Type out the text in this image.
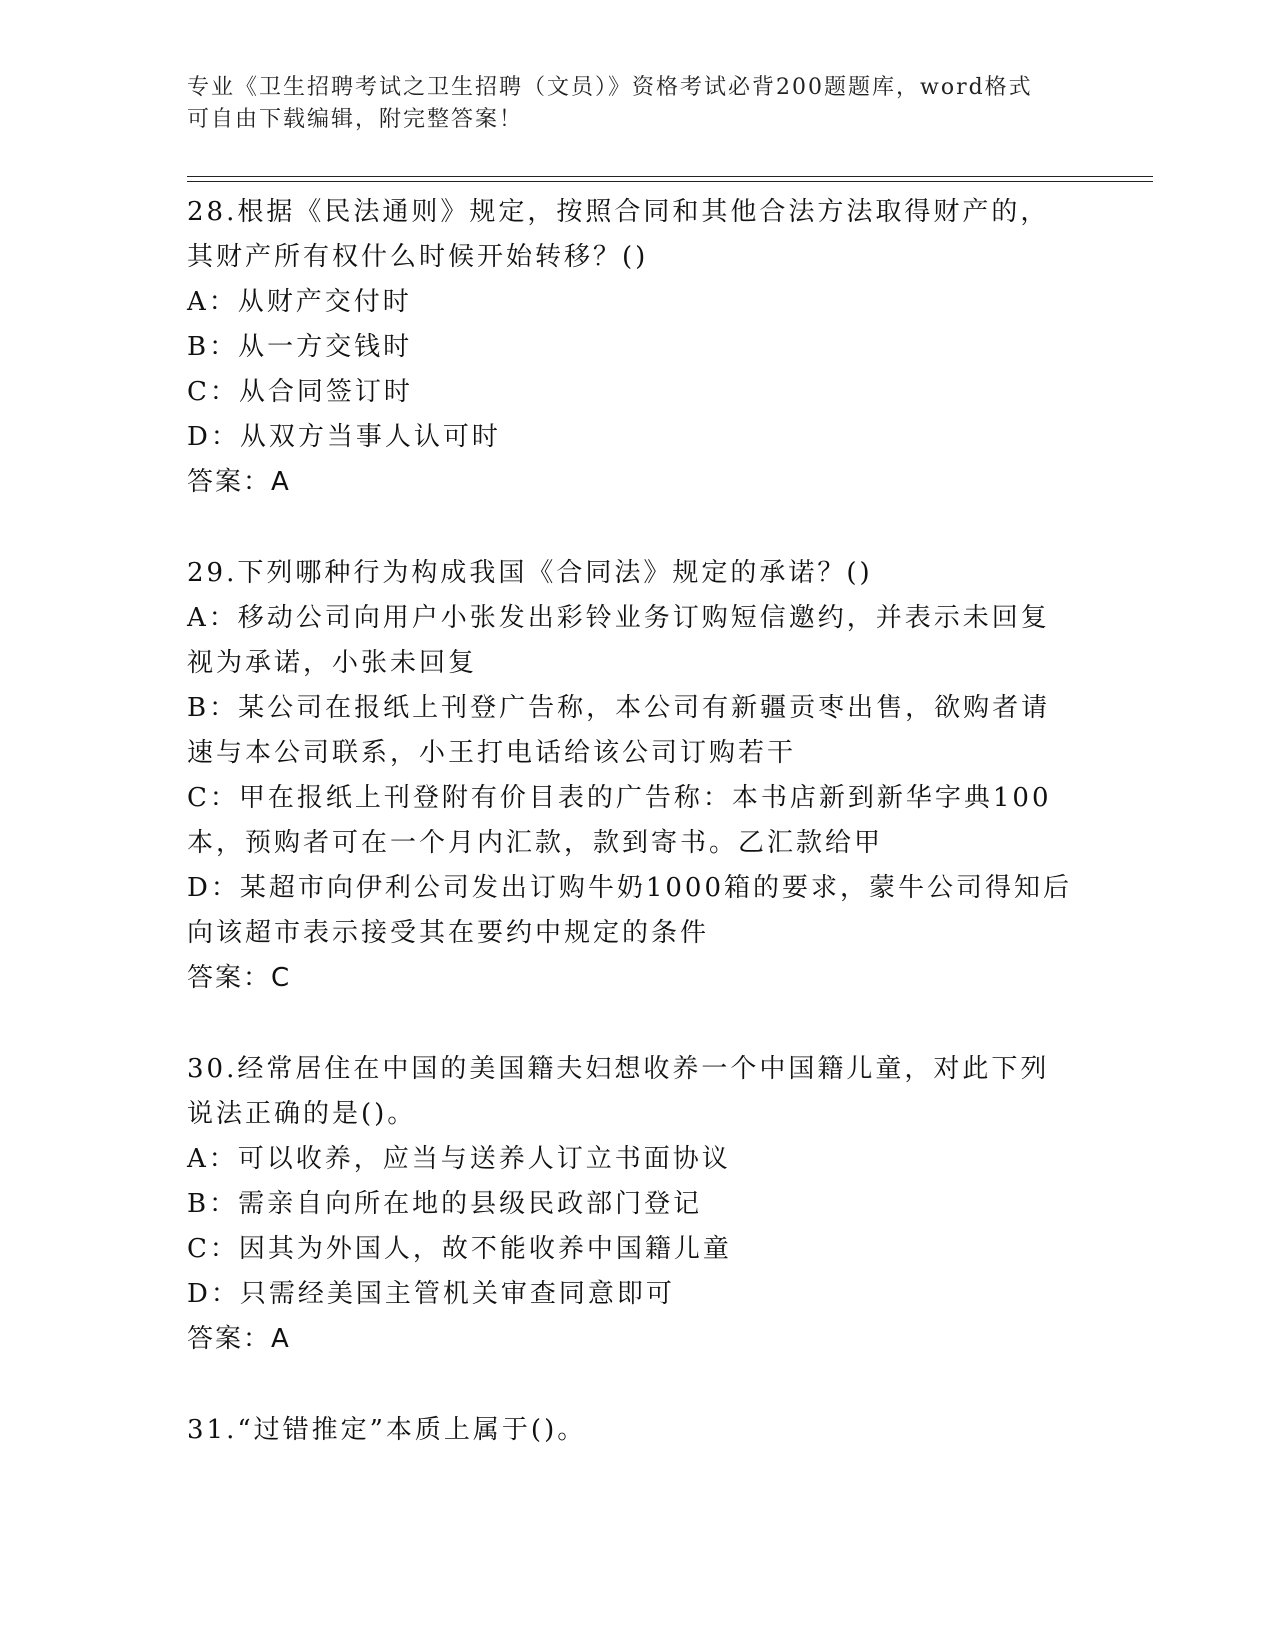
专业《卫生招聘考试之卫生招聘（文员）》资格考试必背200题题库，word格式
可自由下载编辑，附完整答案！
28.根据《民法通则》规定，按照合同和其他合法方法取得财产的，其财产所有权什么时候开始转移？()
A：从财产交付时
B：从一方交钱时
C：从合同签订时
D：从双方当事人认可时
答案：A
29.下列哪种行为构成我国《合同法》规定的承诺？()
A：移动公司向用户小张发出彩铃业务订购短信邀约，并表示未回复视为承诺，小张未回复
B：某公司在报纸上刊登广告称，本公司有新疆贡枣出售，欲购者请速与本公司联系，小王打电话给该公司订购若干
C：甲在报纸上刊登附有价目表的广告称：本书店新到新华字典100本，预购者可在一个月内汇款，款到寄书。乙汇款给甲
D：某超市向伊利公司发出订购牛奶1000箱的要求，蒙牛公司得知后向该超市表示接受其在要约中规定的条件
答案：C
30.经常居住在中国的美国籍夫妇想收养一个中国籍儿童，对此下列说法正确的是()。
A：可以收养，应当与送养人订立书面协议
B：需亲自向所在地的县级民政部门登记
C：因其为外国人，故不能收养中国籍儿童
D：只需经美国主管机关审查同意即可
答案：A
31.“过错推定”本质上属于()。
